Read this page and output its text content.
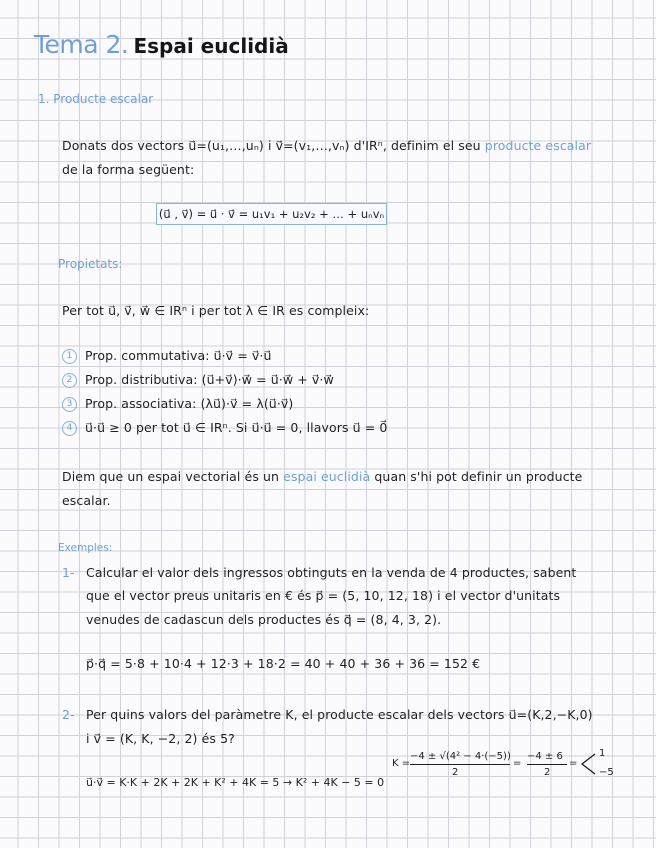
Tema 2. Espai euclidià
1. Producte escalar
Donats dos vectors u⃗=(u₁,…,uₙ) i v⃗=(v₁,…,vₙ) d'IRⁿ, definim el seu producte escalar
de la forma següent:
(u⃗ , v⃗) = u⃗ · v⃗ = u₁v₁ + u₂v₂ + … + uₙvₙ
Propietats:
Per tot u⃗, v⃗, w⃗ ∈ IRⁿ i per tot λ ∈ IR es compleix:
1 Prop. commutativa: u⃗·v⃗ = v⃗·u⃗
2 Prop. distributiva: (u⃗+v⃗)·w⃗ = u⃗·w⃗ + v⃗·w⃗
3 Prop. associativa: (λu⃗)·v⃗ = λ(u⃗·v⃗)
4 u⃗·u⃗ ≥ 0 per tot u⃗ ∈ IRⁿ. Si u⃗·u⃗ = 0, llavors u⃗ = 0⃗
Diem que un espai vectorial és un espai euclidià quan s'hi pot definir un producte
escalar.
Exemples:
1- Calcular el valor dels ingressos obtinguts en la venda de 4 productes, sabent
que el vector preus unitaris en € és p⃗ = (5, 10, 12, 18) i el vector d'unitats
venudes de cadascun dels productes és q⃗ = (8, 4, 3, 2).
p⃗·q⃗ = 5·8 + 10·4 + 12·3 + 18·2 = 40 + 40 + 36 + 36 = 152 €
2- Per quins valors del paràmetre K, el producte escalar dels vectors u⃗=(K,2,−K,0)
i v⃗ = (K, K, −2, 2) és 5?
u⃗·v⃗ = K·K + 2K + 2K + K² + 4K = 5 → K² + 4K − 5 = 0
K =
−4 ± √(4² − 4·(−5))
2
=
−4 ± 6
2
=
1
−5
